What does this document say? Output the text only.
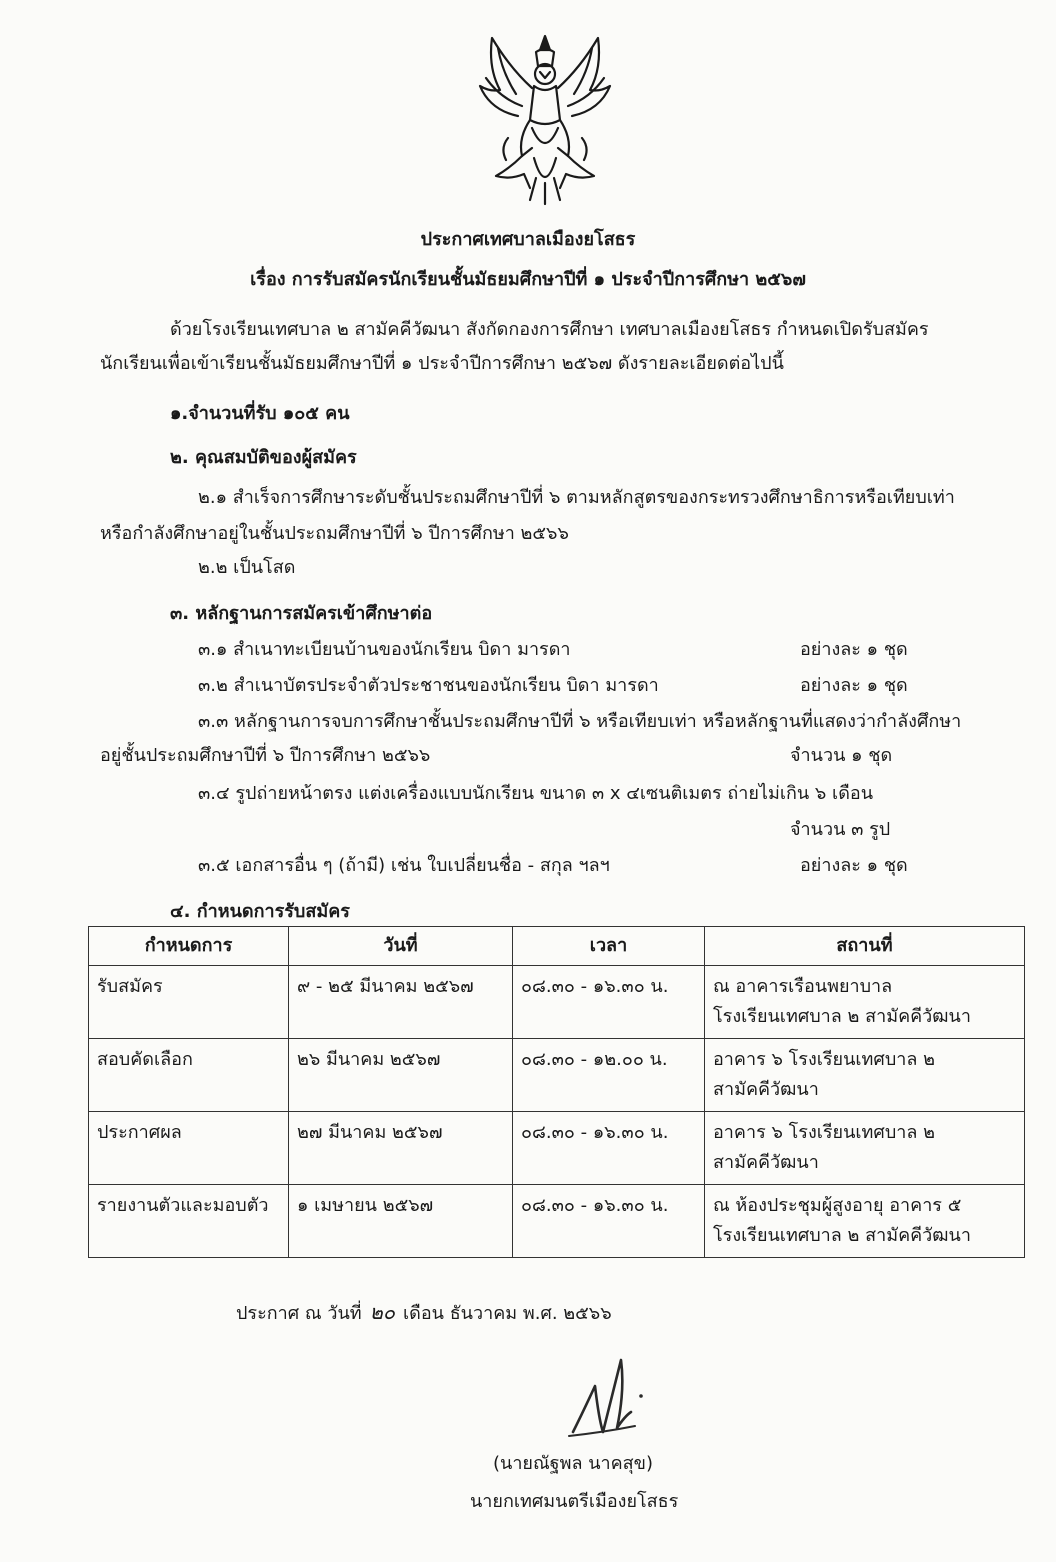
ประกาศเทศบาลเมืองยโสธร
เรื่อง การรับสมัครนักเรียนชั้นมัธยมศึกษาปีที่ ๑ ประจำปีการศึกษา ๒๕๖๗
ด้วยโรงเรียนเทศบาล ๒ สามัคคีวัฒนา สังกัดกองการศึกษา เทศบาลเมืองยโสธร กำหนดเปิดรับสมัคร
นักเรียนเพื่อเข้าเรียนชั้นมัธยมศึกษาปีที่ ๑ ประจำปีการศึกษา ๒๕๖๗ ดังรายละเอียดต่อไปนี้
๑.จำนวนที่รับ ๑๐๕ คน
๒. คุณสมบัติของผู้สมัคร
๒.๑ สำเร็จการศึกษาระดับชั้นประถมศึกษาปีที่ ๖ ตามหลักสูตรของกระทรวงศึกษาธิการหรือเทียบเท่า
หรือกำลังศึกษาอยู่ในชั้นประถมศึกษาปีที่ ๖ ปีการศึกษา ๒๕๖๖
๒.๒ เป็นโสด
๓. หลักฐานการสมัครเข้าศึกษาต่อ
๓.๑ สำเนาทะเบียนบ้านของนักเรียน บิดา มารดา	อย่างละ ๑ ชุด
๓.๒ สำเนาบัตรประจำตัวประชาชนของนักเรียน บิดา มารดา	อย่างละ ๑ ชุด
๓.๓ หลักฐานการจบการศึกษาชั้นประถมศึกษาปีที่ ๖ หรือเทียบเท่า หรือหลักฐานที่แสดงว่ากำลังศึกษา
อยู่ชั้นประถมศึกษาปีที่ ๖ ปีการศึกษา ๒๕๖๖	จำนวน ๑ ชุด
๓.๔ รูปถ่ายหน้าตรง แต่งเครื่องแบบนักเรียน ขนาด ๓ x ๔เซนติเมตร ถ่ายไม่เกิน ๖ เดือน
จำนวน ๓ รูป
๓.๕ เอกสารอื่น ๆ (ถ้ามี) เช่น ใบเปลี่ยนชื่อ - สกุล ฯลฯ	อย่างละ ๑ ชุด
๔. กำหนดการรับสมัคร
กำหนดการ	วันที่	เวลา	สถานที่
รับสมัคร	๙ - ๒๕ มีนาคม ๒๕๖๗	๐๘.๓๐ - ๑๖.๓๐ น.	ณ อาคารเรือนพยาบาล
โรงเรียนเทศบาล ๒ สามัคคีวัฒนา

สอบคัดเลือก	๒๖ มีนาคม ๒๕๖๗	๐๘.๓๐ - ๑๒.๐๐ น.	อาคาร ๖ โรงเรียนเทศบาล ๒
สามัคคีวัฒนา

ประกาศผล	๒๗ มีนาคม ๒๕๖๗	๐๘.๓๐ - ๑๖.๓๐ น.	อาคาร ๖ โรงเรียนเทศบาล ๒
สามัคคีวัฒนา

รายงานตัวและมอบตัว	๑ เมษายน ๒๕๖๗	๐๘.๓๐ - ๑๖.๓๐ น.	ณ ห้องประชุมผู้สูงอายุ อาคาร ๕
โรงเรียนเทศบาล ๒ สามัคคีวัฒนา
ประกาศ ณ วันที่ ๒๐ เดือน ธันวาคม พ.ศ. ๒๕๖๖
(นายณัฐพล นาคสุข)
นายกเทศมนตรีเมืองยโสธร
